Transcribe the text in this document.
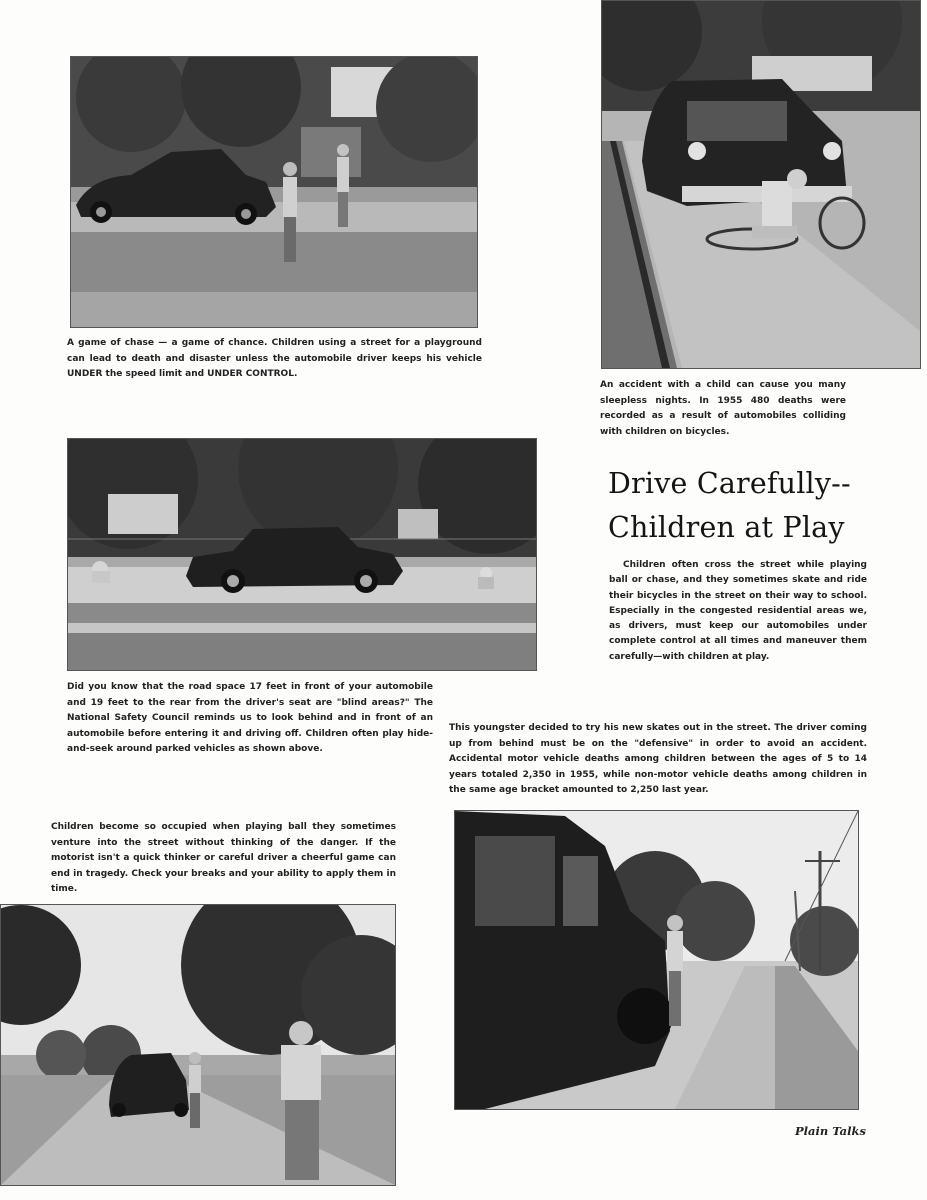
A game of chase — a game of chance. Children using a street for a playground can lead to death and disaster unless the automobile driver keeps his vehicle UNDER the speed limit and UNDER CONTROL.
An accident with a child can cause you many sleepless nights. In 1955 480 deaths were recorded as a result of automobiles colliding with children on bicycles.
Did you know that the road space 17 feet in front of your automobile and 19 feet to the rear from the driver's seat are "blind areas?" The National Safety Council reminds us to look behind and in front of an automobile before entering it and driving off. Children often play hide-and-seek around parked vehicles as shown above.
Drive Carefully--
Children at Play
Children often cross the street while playing ball or chase, and they sometimes skate and ride their bicycles in the street on their way to school. Especially in the congested residential areas we, as drivers, must keep our automobiles under complete control at all times and maneuver them carefully—with children at play.
This youngster decided to try his new skates out in the street. The driver coming up from behind must be on the "defensive" in order to avoid an accident. Accidental motor vehicle deaths among children between the ages of 5 to 14 years totaled 2,350 in 1955, while non-motor vehicle deaths among children in the same age bracket amounted to 2,250 last year.
Children become so occupied when playing ball they sometimes venture into the street without thinking of the danger. If the motorist isn't a quick thinker or careful driver a cheerful game can end in tragedy. Check your breaks and your ability to apply them in time.
Plain Talks
